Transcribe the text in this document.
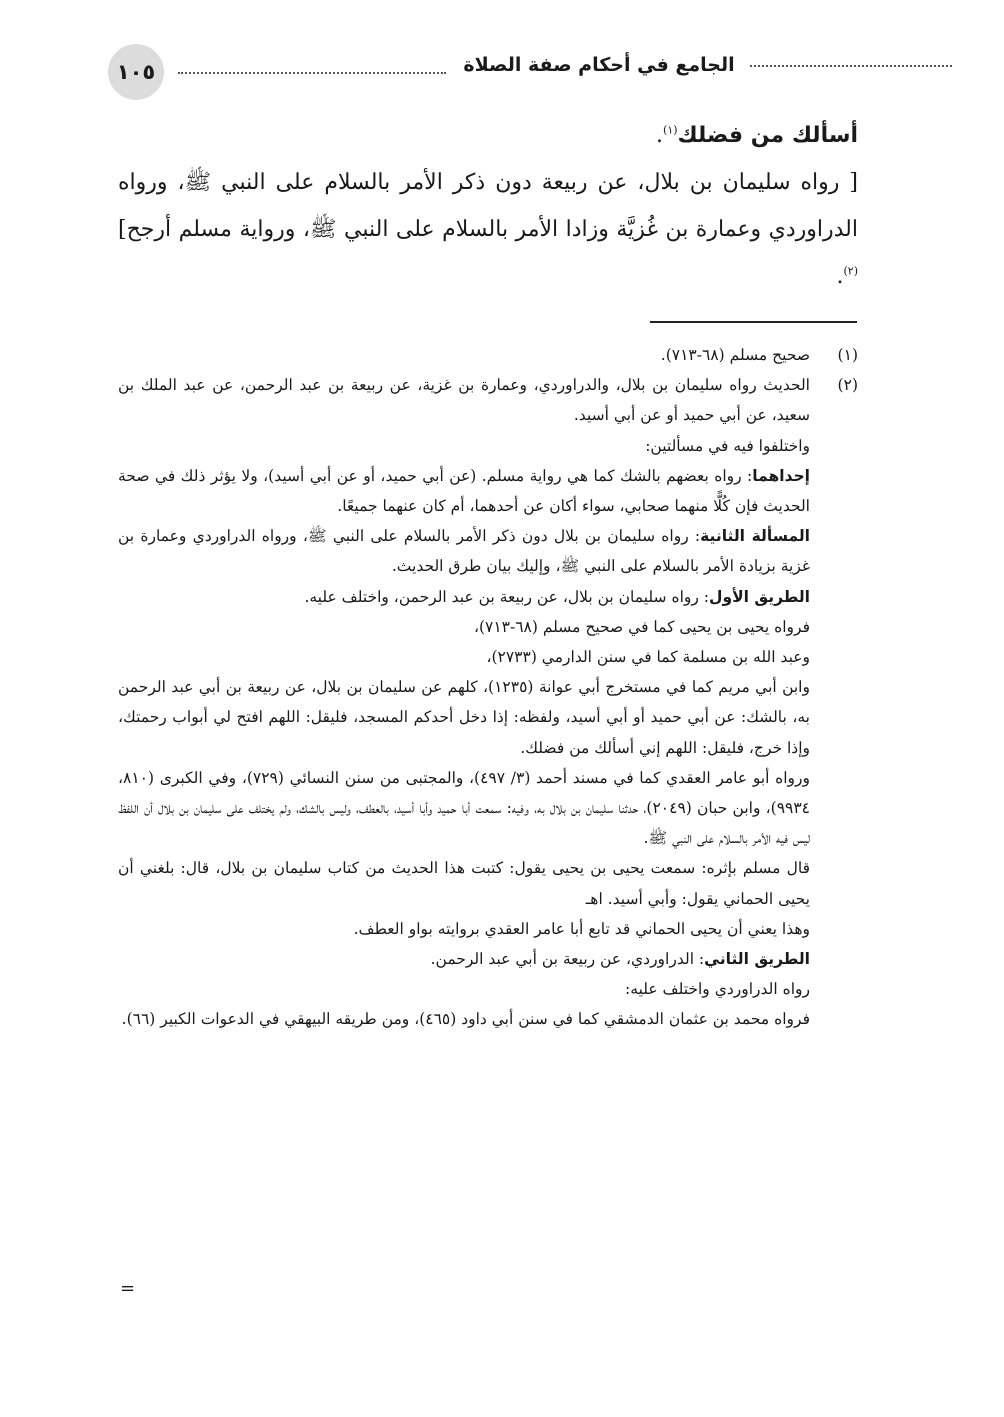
١٠٥	الجامع في أحكام صفة الصلاة

أسألك من فضلك$^{(١)}$.

[ رواه سليمان بن بلال، عن ربيعة دون ذكر الأمر بالسلام على النبي ﷺ، ورواه الدراوردي وعمارة بن غُزيَّة وزادا الأمر بالسلام على النبي ﷺ، ورواية مسلم أرجح]$^{(٢)}$.

(١)

صحيح مسلم (٦٨-٧١٣).

(٢)

الحديث رواه سليمان بن بلال، والدراوردي، وعمارة بن غزية، عن ربيعة بن عبد الرحمن، عن عبد الملك بن سعيد، عن أبي حميد أو عن أبي أسيد.

واختلفوا فيه في مسألتين:

إحداهما: رواه بعضهم بالشك كما هي رواية مسلم. (عن أبي حميد، أو عن أبي أسيد)، ولا يؤثر ذلك في صحة الحديث فإن كُلًّا منهما صحابي، سواء أكان عن أحدهما، أم كان عنهما جميعًا.

المسألة الثانية: رواه سليمان بن بلال دون ذكر الأمر بالسلام على النبي ﷺ، ورواه الدراوردي وعمارة بن غزية بزيادة الأمر بالسلام على النبي ﷺ، وإليك بيان طرق الحديث.

الطريق الأول: رواه سليمان بن بلال، عن ربيعة بن عبد الرحمن، واختلف عليه.

فرواه يحيى بن يحيى كما في صحيح مسلم (٦٨-٧١٣)،

وعبد الله بن مسلمة كما في سنن الدارمي (٢٧٣٣)،

وابن أبي مريم كما في مستخرج أبي عوانة (١٢٣٥)، كلهم عن سليمان بن بلال، عن ربيعة بن أبي عبد الرحمن به، بالشك: عن أبي حميد أو أبي أسيد، ولفظه: إذا دخل أحدكم المسجد، فليقل: اللهم افتح لي أبواب رحمتك، وإذا خرج، فليقل: اللهم إني أسألك من فضلك.

ورواه أبو عامر العقدي كما في مسند أحمد (٣/ ٤٩٧)، والمجتبى من سنن النسائي (٧٢٩)، وفي الكبرى (٨١٠، ٩٩٣٤)، وابن حبان (٢٠٤٩)، حدثنا سليمان بن بلال به، وفيه: سمعت أبا حميد وأبا أسيد، بالعطف، وليس بالشك، ولم يختلف على سليمان بن بلال أن اللفظ ليس فيه الأمر بالسلام على النبي ﷺ.

قال مسلم بإثره: سمعت يحيى بن يحيى يقول: كتبت هذا الحديث من كتاب سليمان بن بلال، قال: بلغني أن يحيى الحماني يقول: وأبي أسيد. اهـ

وهذا يعني أن يحيى الحماني قد تابع أبا عامر العقدي بروايته بواو العطف.

الطريق الثاني: الدراوردي، عن ربيعة بن أبي عبد الرحمن.

رواه الدراوردي واختلف عليه:

فرواه محمد بن عثمان الدمشقي كما في سنن أبي داود (٤٦٥)، ومن طريقه البيهقي في الدعوات الكبير (٦٦).

=
